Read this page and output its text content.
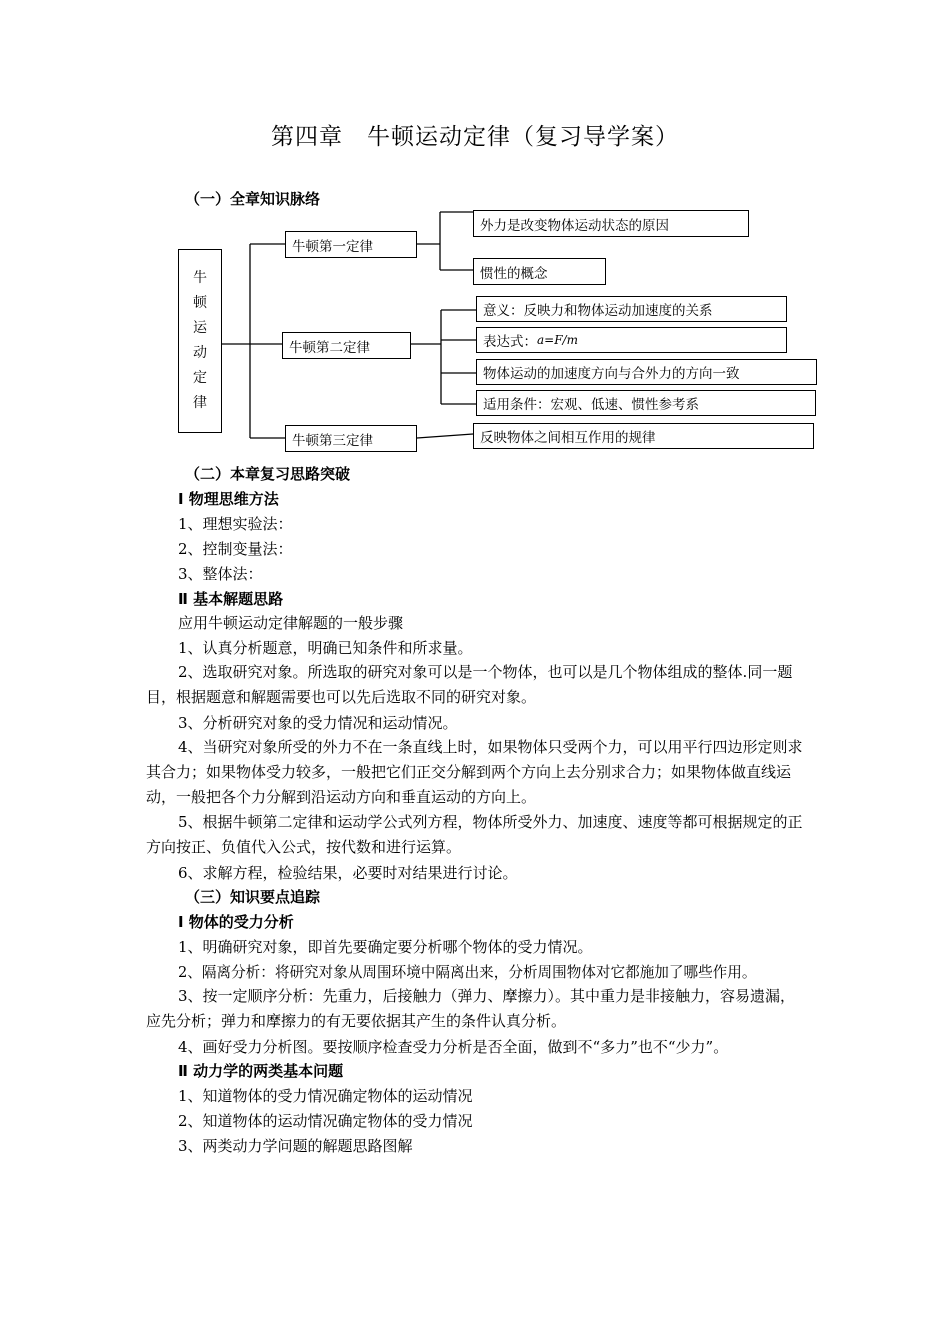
第四章　牛顿运动定律（复习导学案）
（一）全章知识脉络
牛
顿
运
动
定
律
牛顿第一定律
外力是改变物体运动状态的原因
惯性的概念
牛顿第二定律
意义：反映力和物体运动加速度的关系
表达式： a=F/m
物体运动的加速度方向与合外力的方向一致
适用条件：宏观、低速、惯性参考系
牛顿第三定律	反映物体之间相互作用的规律
（二）本章复习思路突破
Ⅰ 物理思维方法
1、理想实验法：
2、控制变量法：
3、整体法：
Ⅱ 基本解题思路
应用牛顿运动定律解题的一般步骤
1、认真分析题意，明确已知条件和所求量。
2、选取研究对象。所选取的研究对象可以是一个物体，也可以是几个物体组成的整体.同一题目，根据题意和解题需要也可以先后选取不同的研究对象。
3、分析研究对象的受力情况和运动情况。
4、当研究对象所受的外力不在一条直线上时，如果物体只受两个力，可以用平行四边形定则求其合力；如果物体受力较多，一般把它们正交分解到两个方向上去分别求合力；如果物体做直线运动，一般把各个力分解到沿运动方向和垂直运动的方向上。
5、根据牛顿第二定律和运动学公式列方程，物体所受外力、加速度、速度等都可根据规定的正方向按正、负值代入公式，按代数和进行运算。
6、求解方程，检验结果，必要时对结果进行讨论。
（三）知识要点追踪
Ⅰ 物体的受力分析
1、明确研究对象，即首先要确定要分析哪个物体的受力情况。
2、隔离分析：将研究对象从周围环境中隔离出来，分析周围物体对它都施加了哪些作用。
3、按一定顺序分析：先重力，后接触力（弹力、摩擦力）。其中重力是非接触力，容易遗漏，应先分析；弹力和摩擦力的有无要依据其产生的条件认真分析。
4、画好受力分析图。要按顺序检查受力分析是否全面，做到不“多力”也不“少力”。
Ⅱ 动力学的两类基本问题
1、知道物体的受力情况确定物体的运动情况
2、知道物体的运动情况确定物体的受力情况
3、两类动力学问题的解题思路图解
